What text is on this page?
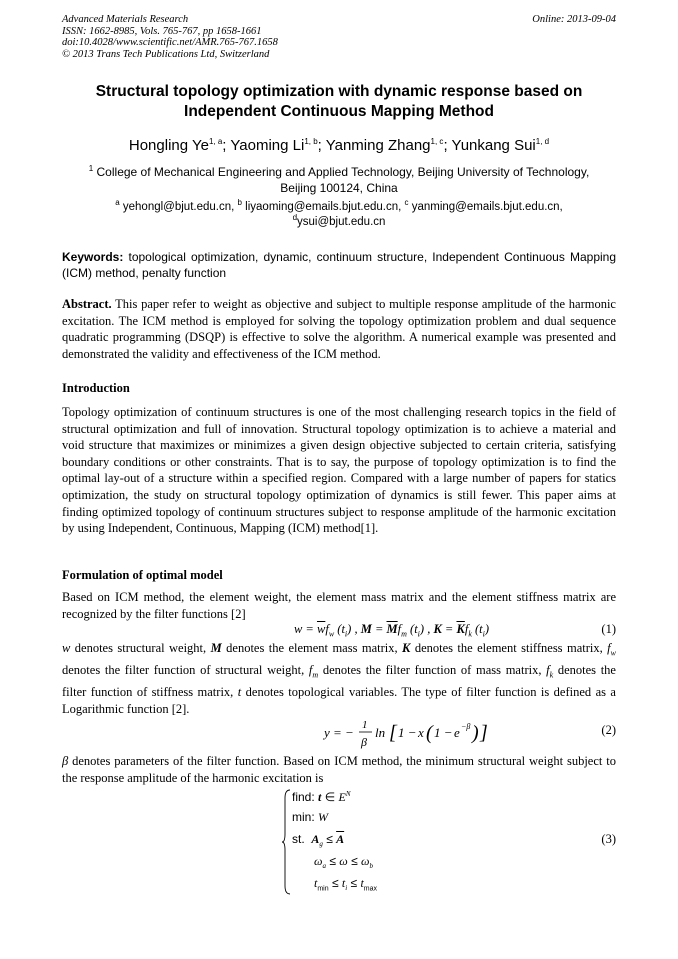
Advanced Materials Research
ISSN: 1662-8985, Vols. 765-767, pp 1658-1661
doi:10.4028/www.scientific.net/AMR.765-767.1658
© 2013 Trans Tech Publications Ltd, Switzerland
Online: 2013-09-04
Structural topology optimization with dynamic response based on
Independent Continuous Mapping Method
Hongling Ye$^{1, a}$; Yaoming Li$^{1, b}$; Yanming Zhang$^{1, c}$; Yunkang Sui$^{1, d}$
$^1$ College of Mechanical Engineering and Applied Technology, Beijing University of Technology,
Beijing 100124, China
$^a$ yehongl@bjut.edu.cn, $^b$ liyaoming@emails.bjut.edu.cn, $^c$ yanming@emails.bjut.edu.cn,
$^d$ysui@bjut.edu.cn
Keywords: topological optimization, dynamic, continuum structure, Independent Continuous Mapping (ICM) method, penalty function
Abstract. This paper refer to weight as objective and subject to multiple response amplitude of the harmonic excitation. The ICM method is employed for solving the topology optimization problem and dual sequence quadratic programming (DSQP) is effective to solve the algorithm. A numerical example was presented and demonstrated the validity and effectiveness of the ICM method.
Introduction
Topology optimization of continuum structures is one of the most challenging research topics in the field of structural optimization and full of innovation. Structural topology optimization is to achieve a material and void structure that maximizes or minimizes a given design objective subjected to certain criteria, satisfying boundary conditions or other constraints. That is to say, the purpose of topology optimization is to find the optimal lay-out of a structure within a specified region. Compared with a large number of papers for statics optimization, the study on structural topology optimization of dynamics is still fewer. This paper aims at finding optimized topology of continuum structures subject to response amplitude of the harmonic excitation by using Independent, Continuous, Mapping (ICM) method[1].
Formulation of optimal model
Based on ICM method, the element weight, the element mass matrix and the element stiffness matrix are recognized by the filter functions [2]
$w = \overline{w}f_w$ $(t_i)$ , $M = \overline{M}f_m$ $(t_i)$ , $K = \overline{K}f_k$ $(t_i)$	(1)
w denotes structural weight, M denotes the element mass matrix, K denotes the element stiffness matrix, $f_w$ denotes the filter function of structural weight, $f_m$ denotes the filter function of mass matrix, $f_k$ denotes the filter function of stiffness matrix, t denotes topological variables. The type of filter function is defined as a Logarithmic function [2].
y = − 1
β
ln [ 1 − x ( 1 − e −β ) ]	(2)
β denotes parameters of the filter function. Based on ICM method, the minimum structural weight subject to the response amplitude of the harmonic excitation is
find: t ∈ $E^N$
min: W
st. $A_g \le \overline{A}$
$\omega_a \le \omega \le \omega_b$
$t_{min} \le t_i \le t_{max}$
(3)
